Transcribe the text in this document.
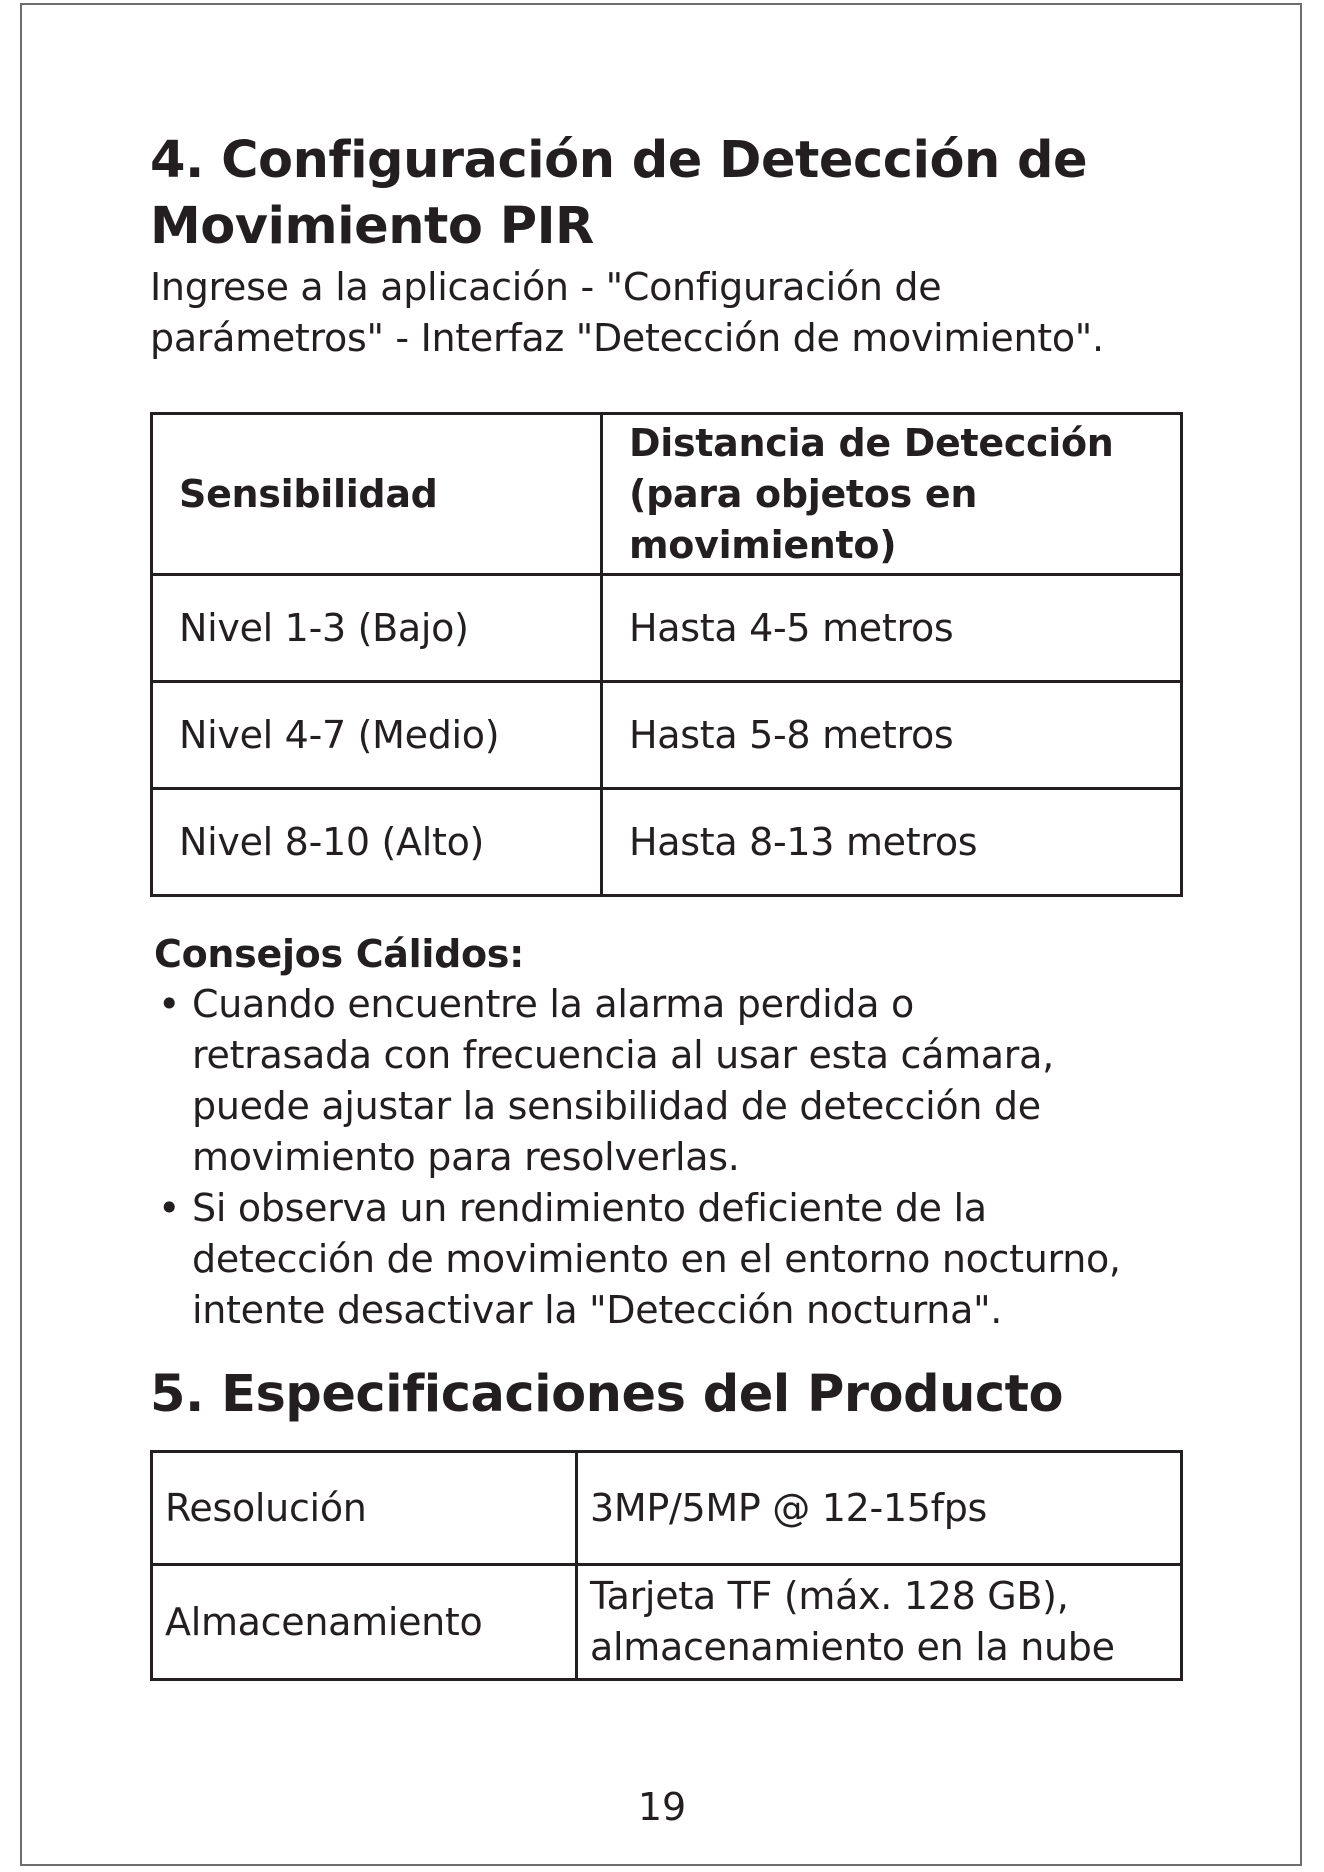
4. Configuración de Detección de
Movimiento PIR

Ingrese a la aplicación - "Configuración de
parámetros" - Interfaz "Detección de movimiento".

Sensibilidad	Distancia de Detección
(para objetos en
movimiento)
Nivel 1-3 (Bajo)	Hasta 4-5 metros
Nivel 4-7 (Medio)	Hasta 5-8 metros
Nivel 8-10 (Alto)	Hasta 8-13 metros
Consejos Cálidos:
• Cuando encuentre la alarma perdida o
retrasada con frecuencia al usar esta cámara,
puede ajustar la sensibilidad de detección de
movimiento para resolverlas.
• Si observa un rendimiento deficiente de la
detección de movimiento en el entorno nocturno,
intente desactivar la "Detección nocturna".
5. Especificaciones del Producto
Resolución	3MP/5MP @ 12-15fps
Almacenamiento	Tarjeta TF (máx. 128 GB),
almacenamiento en la nube
19
